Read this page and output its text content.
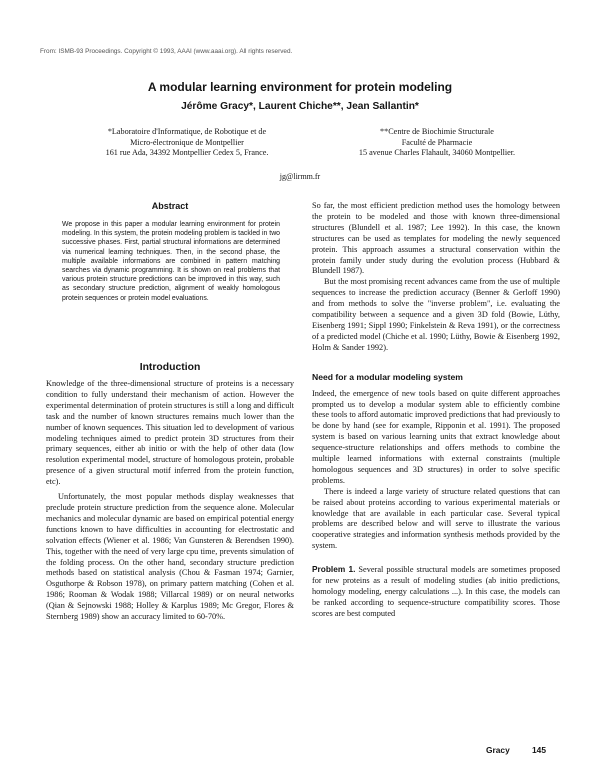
From: ISMB-93 Proceedings. Copyright © 1993, AAAI (www.aaai.org). All rights reserved.
A modular learning environment for protein modeling
Jérôme Gracy*, Laurent Chiche**, Jean Sallantin*
*Laboratoire d'Informatique, de Robotique et de
Micro-électronique de Montpellier
161 rue Ada, 34392 Montpellier Cedex 5, France.
**Centre de Biochimie Structurale
Faculté de Pharmacie
15 avenue Charles Flahault, 34060 Montpellier.
jg@lirmm.fr
Abstract
We propose in this paper a modular learning environment for protein modeling. In this system, the protein modeling problem is tackled in two successive phases. First, partial structural informations are determined via numerical learning techniques. Then, in the second phase, the multiple available informations are combined in pattern matching searches via dynamic programming. It is shown on real problems that various protein structure predictions can be improved in this way, such as secondary structure prediction, alignment of weakly homologous protein sequences or protein model evaluations.
Introduction

Knowledge of the three-dimensional structure of proteins is a necessary condition to fully understand their mechanism of action. However the experimental determination of protein structures is still a long and difficult task and the number of known structures remains much lower than the number of known sequences. This situation led to development of various modeling techniques aimed to predict protein 3D structures from their primary sequences, either ab initio or with the help of other data (low resolution experimental model, structure of homologous protein, probable presence of a given structural motif inferred from the protein function, etc).

Unfortunately, the most popular methods display weaknesses that preclude protein structure prediction from the sequence alone. Molecular mechanics and molecular dynamic are based on empirical potential energy functions known to have difficulties in accounting for electrostatic and solvation effects (Wiener et al. 1986; Van Gunsteren & Berendsen 1990). This, together with the need of very large cpu time, prevents simulation of the folding process. On the other hand, secondary structure prediction methods based on statistical analysis (Chou & Fasman 1974; Garnier, Osguthorpe & Robson 1978), on primary pattern matching (Cohen et al. 1986; Rooman & Wodak 1988; Villarcal 1989) or on neural networks (Qian & Sejnowski 1988; Holley & Karplus 1989; Mc Gregor, Flores & Sternberg 1989) show an accuracy limited to 60-70%.

So far, the most efficient prediction method uses the homology between the protein to be modeled and those with known three-dimensional structures (Blundell et al. 1987; Lee 1992). In this case, the known structures can be used as templates for modeling the newly sequenced protein. This approach assumes a structural conservation within the protein family under study during the evolution process (Hubbard & Blundell 1987).

But the most promising recent advances came from the use of multiple sequences to increase the prediction accuracy (Benner & Gerloff 1990) and from methods to solve the "inverse problem", i.e. evaluating the compatibility between a sequence and a given 3D fold (Bowie, Lüthy, Eisenberg 1991; Sippl 1990; Finkelstein & Reva 1991), or the correctness of a predicted model (Chiche et al. 1990; Lüthy, Bowie & Eisenberg 1992, Holm & Sander 1992).

Need for a modular modeling system

Indeed, the emergence of new tools based on quite different approaches prompted us to develop a modular system able to efficiently combine these tools to afford automatic improved predictions that had previously to be done by hand (see for example, Ripponin et al. 1991). The proposed system is based on various learning units that extract knowledge about sequence-structure relationships and offers methods to combine the multiple learned informations with external constraints (multiple homologous sequences and 3D structures) in order to solve specific problems.

There is indeed a large variety of structure related questions that can be raised about proteins according to various experimental materials or knowledge that are available in each particular case. Several typical problems are described below and will serve to illustrate the various cooperative strategies and information synthesis methods provided by the system.

Problem 1. Several possible structural models are sometimes proposed for new proteins as a result of modeling studies (ab initio predictions, homology modeling, energy calculations ...). In this case, the models can be ranked according to sequence-structure compatibility scores. Those scores are best computed

Gracy	145
